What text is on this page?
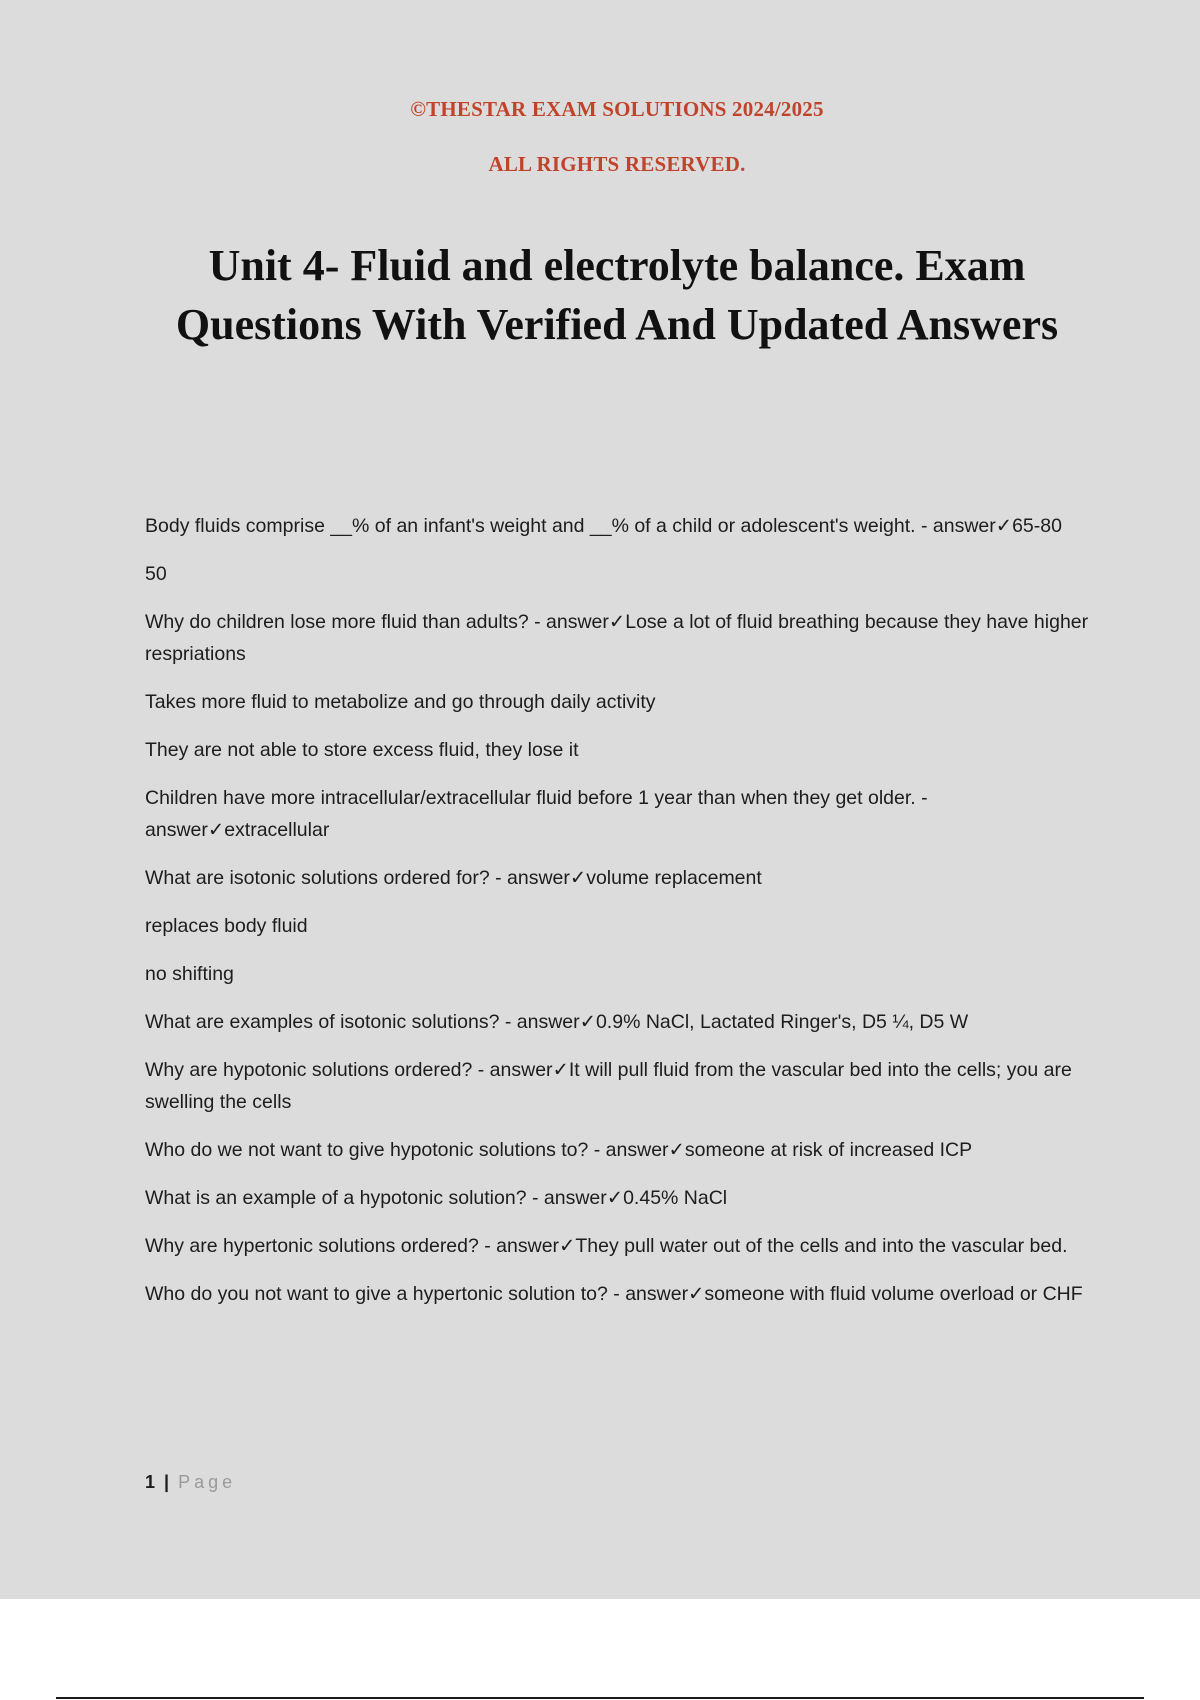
©THESTAR EXAM SOLUTIONS 2024/2025

ALL RIGHTS RESERVED.

Unit 4- Fluid and electrolyte balance. Exam Questions With Verified And Updated Answers

Body fluids comprise __% of an infant's weight and __% of a child or adolescent's weight. - answer✓65-80

50

Why do children lose more fluid than adults? - answer✓Lose a lot of fluid breathing because they have higher respriations

Takes more fluid to metabolize and go through daily activity

They are not able to store excess fluid, they lose it

Children have more intracellular/extracellular fluid before 1 year than when they get older. - answer✓extracellular

What are isotonic solutions ordered for? - answer✓volume replacement

replaces body fluid

no shifting

What are examples of isotonic solutions? - answer✓0.9% NaCl, Lactated Ringer's, D5 ¼, D5 W

Why are hypotonic solutions ordered? - answer✓It will pull fluid from the vascular bed into the cells; you are swelling the cells

Who do we not want to give hypotonic solutions to? - answer✓someone at risk of increased ICP

What is an example of a hypotonic solution? - answer✓0.45% NaCl

Why are hypertonic solutions ordered? - answer✓They pull water out of the cells and into the vascular bed.

Who do you not want to give a hypertonic solution to? - answer✓someone with fluid volume overload or CHF

1 | Page
